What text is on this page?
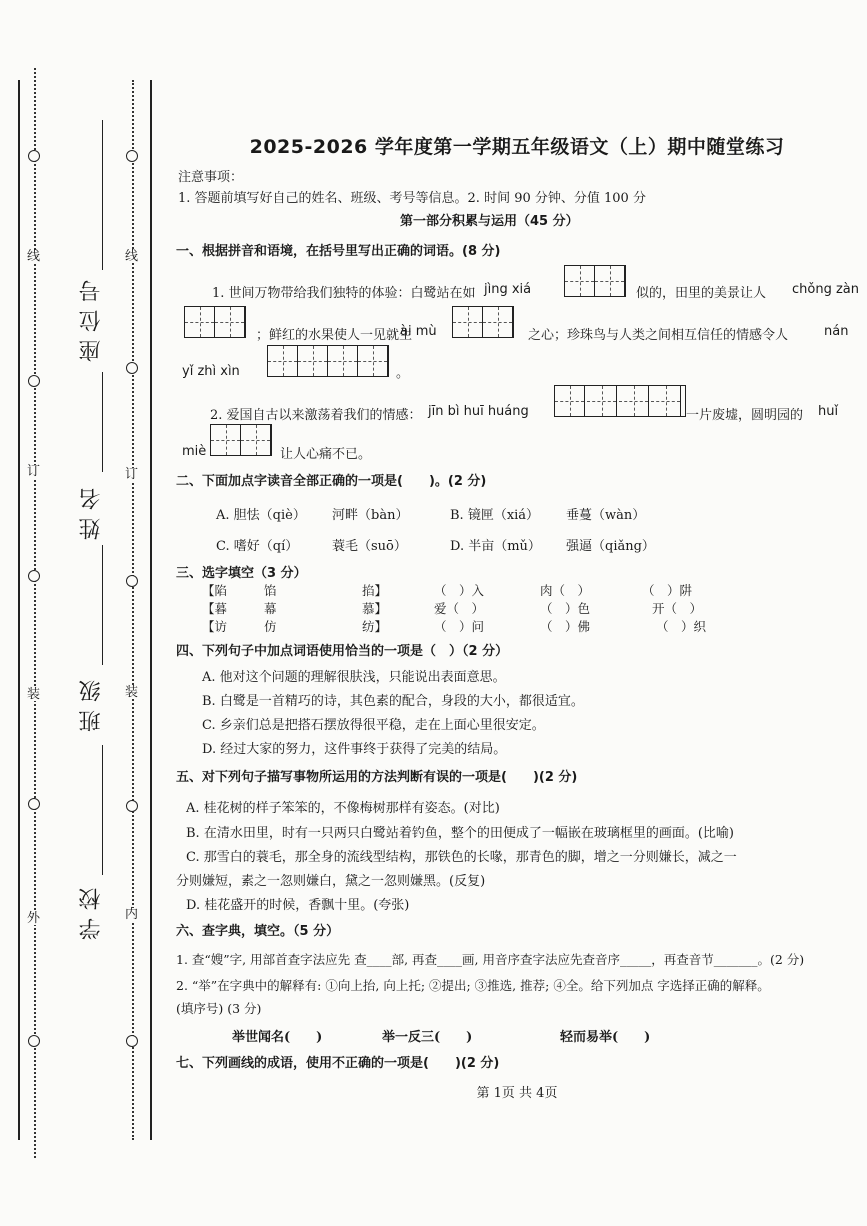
线
订
装
外
线
订
装
内
座位号
姓名
班级
学校
2025-2026 学年度第一学期五年级语文（上）期中随堂练习
注意事项：
1. 答题前填写好自己的姓名、班级、考号等信息。2. 时间 90 分钟、分值 100 分
第一部分积累与运用（45 分）
一、根据拼音和语境，在括号里写出正确的词语。(8 分)
1. 世间万物带给我们独特的体验：白鹭站在如 jìng xiá	似的，田里的美景让人 chǒng zàn
；鲜红的水果使人一见就生
ài mù	之心；珍珠鸟与人类之间相互信任的情感令人	nán
yǐ zhì xìn	。
2. 爱国自古以来激荡着我们的情感： jīn bì huī huáng	一片废墟，圆明园的 huǐ
miè	让人心痛不已。
二、下面加点字读音全部正确的一项是(　　)。(2 分)
A. 胆怯（qiè） 河畔（bàn）	B. 镜匣（xiá） 垂蔓（wàn）
C. 嗜好（qí）	蓑毛（suō）	D. 半亩（mǔ） 强逼（qiǎng）
三、选字填空（3 分）
【陷	馅	掐】	（　）入	肉（　）	（　）阱
【暮	幕	慕】	爱（　）	（　）色	开（　）
【访	仿	纺】	（　）问	（　）佛	（　）织
四、下列句子中加点词语使用恰当的一项是（　）（2 分）
A. 他对这个问题的理解很肤浅，只能说出表面意思。
B. 白鹭是一首精巧的诗，其色素的配合，身段的大小，都很适宜。
C. 乡亲们总是把搭石摆放得很平稳，走在上面心里很安定。
D. 经过大家的努力，这件事终于获得了完美的结局。
五、对下列句子描写事物所运用的方法判断有误的一项是(　　)(2 分)
A. 桂花树的样子笨笨的，不像梅树那样有姿态。(对比)
B. 在清水田里，时有一只两只白鹭站着钓鱼，整个的田便成了一幅嵌在玻璃框里的画面。(比喻)
C. 那雪白的蓑毛，那全身的流线型结构，那铁色的长喙，那青色的脚，增之一分则嫌长，减之一
分则嫌短，素之一忽则嫌白，黛之一忽则嫌黑。(反复)
D. 桂花盛开的时候，香飘十里。(夸张)
六、查字典，填空。（5 分）
1. 查“嫂”字, 用部首查字法应先 查____部, 再查____画, 用音序查字法应先查音序_____，再查音节_______。(2 分)
2. “举”在字典中的解释有: ①向上抬, 向上托; ②提出; ③推选, 推荐; ④全。给下列加点 字选择正确的解释。
(填序号) (3 分)
举世闻名(　　)	举一反三(　　)	轻而易举(　　)
七、下列画线的成语，使用不正确的一项是(　　)(2 分)
第 1页 共 4页
